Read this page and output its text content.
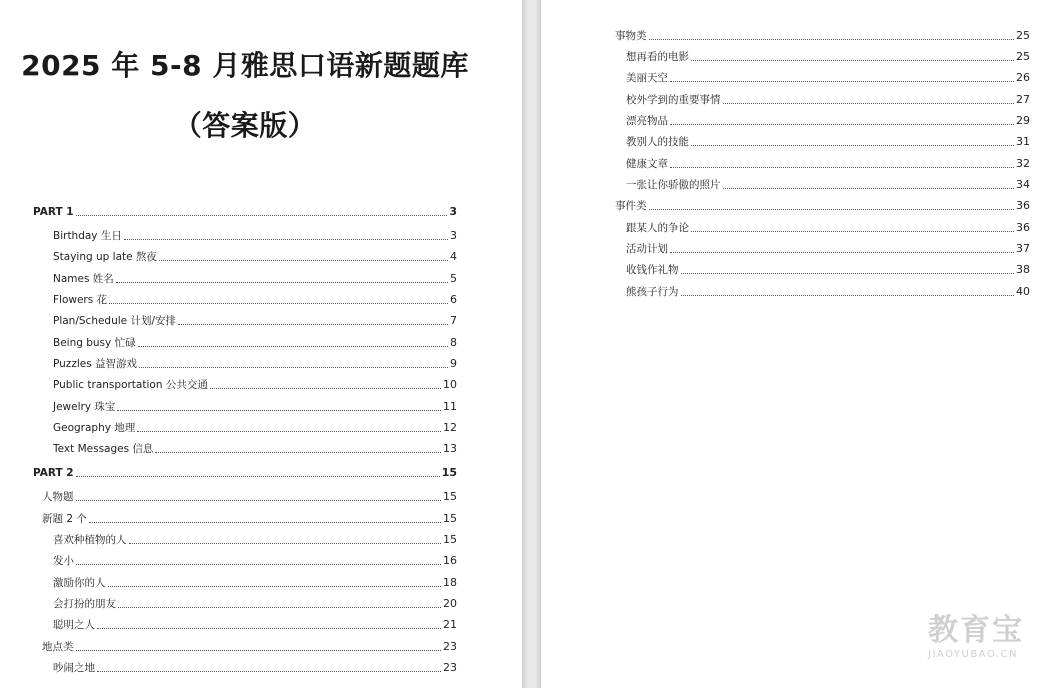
2025 年 5-8 月雅思口语新题题库
（答案版）
PART 1	3
Birthday 生日	3
Staying up late 熬夜	4
Names 姓名	5
Flowers 花	6
Plan/Schedule 计划/安排	7
Being busy 忙碌	8
Puzzles 益智游戏	9
Public transportation 公共交通	10
Jewelry 珠宝	11
Geography 地理	12
Text Messages 信息	13
PART 2	15
人物题	15
新题 2 个	15
喜欢种植物的人	15
发小	16
激励你的人	18
会打扮的朋友	20
聪明之人	21
地点类	23
吵闹之地	23
事物类	25
想再看的电影	25
美丽天空	26
校外学到的重要事情	27
漂亮物品	29
教别人的技能	31
健康文章	32
一张让你骄傲的照片	34
事件类	36
跟某人的争论	36
活动计划	37
收钱作礼物	38
熊孩子行为	40
教育宝
JIAOYUBAO.CN
